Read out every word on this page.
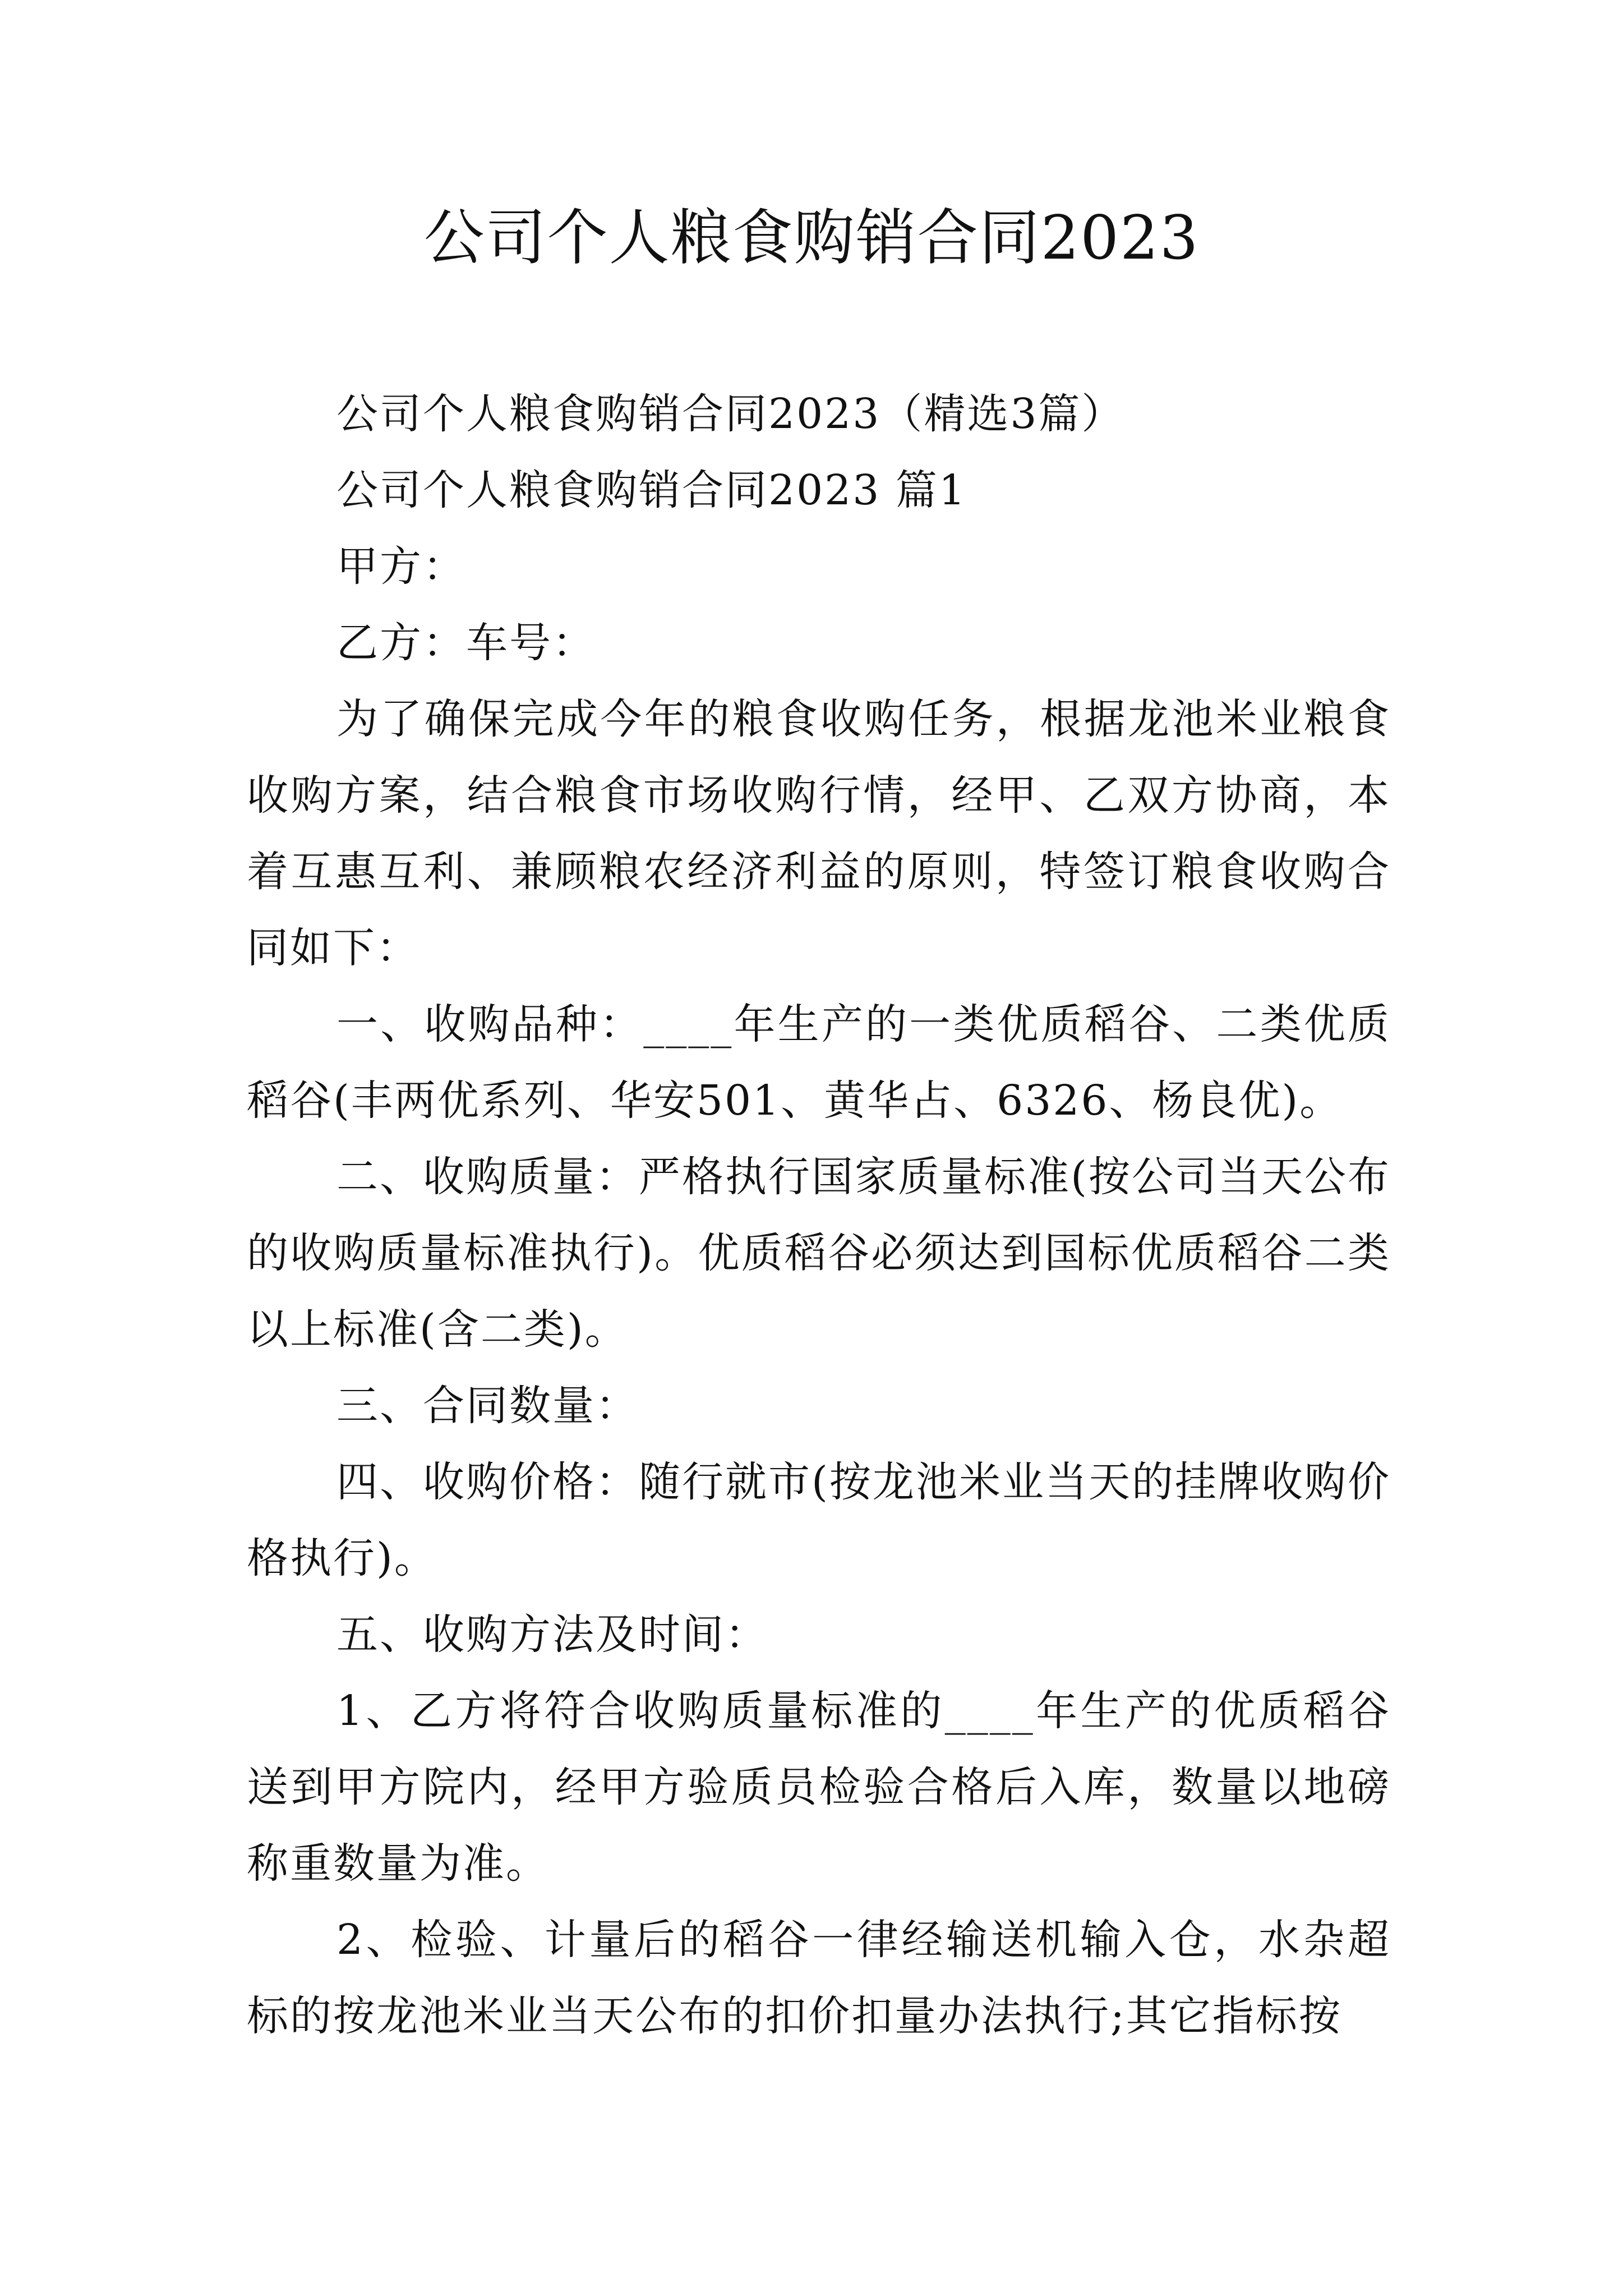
公司个人粮食购销合同2023

公司个人粮食购销合同2023（精选3篇）

公司个人粮食购销合同2023 篇1

甲方：

乙方：车号：

为了确保完成今年的粮食收购任务，根据龙池米业粮食收购方案，结合粮食市场收购行情，经甲、乙双方协商，本着互惠互利、兼顾粮农经济利益的原则，特签订粮食收购合同如下：

一、收购品种：____年生产的一类优质稻谷、二类优质稻谷(丰两优系列、华安501、黄华占、6326、杨良优)。

二、收购质量：严格执行国家质量标准(按公司当天公布的收购质量标准执行)。优质稻谷必须达到国标优质稻谷二类以上标准(含二类)。

三、合同数量：

四、收购价格：随行就市(按龙池米业当天的挂牌收购价格执行)。

五、收购方法及时间：

1、乙方将符合收购质量标准的____年生产的优质稻谷送到甲方院内，经甲方验质员检验合格后入库，数量以地磅称重数量为准。

2、检验、计量后的稻谷一律经输送机输入仓，水杂超标的按龙池米业当天公布的扣价扣量办法执行;其它指标按
